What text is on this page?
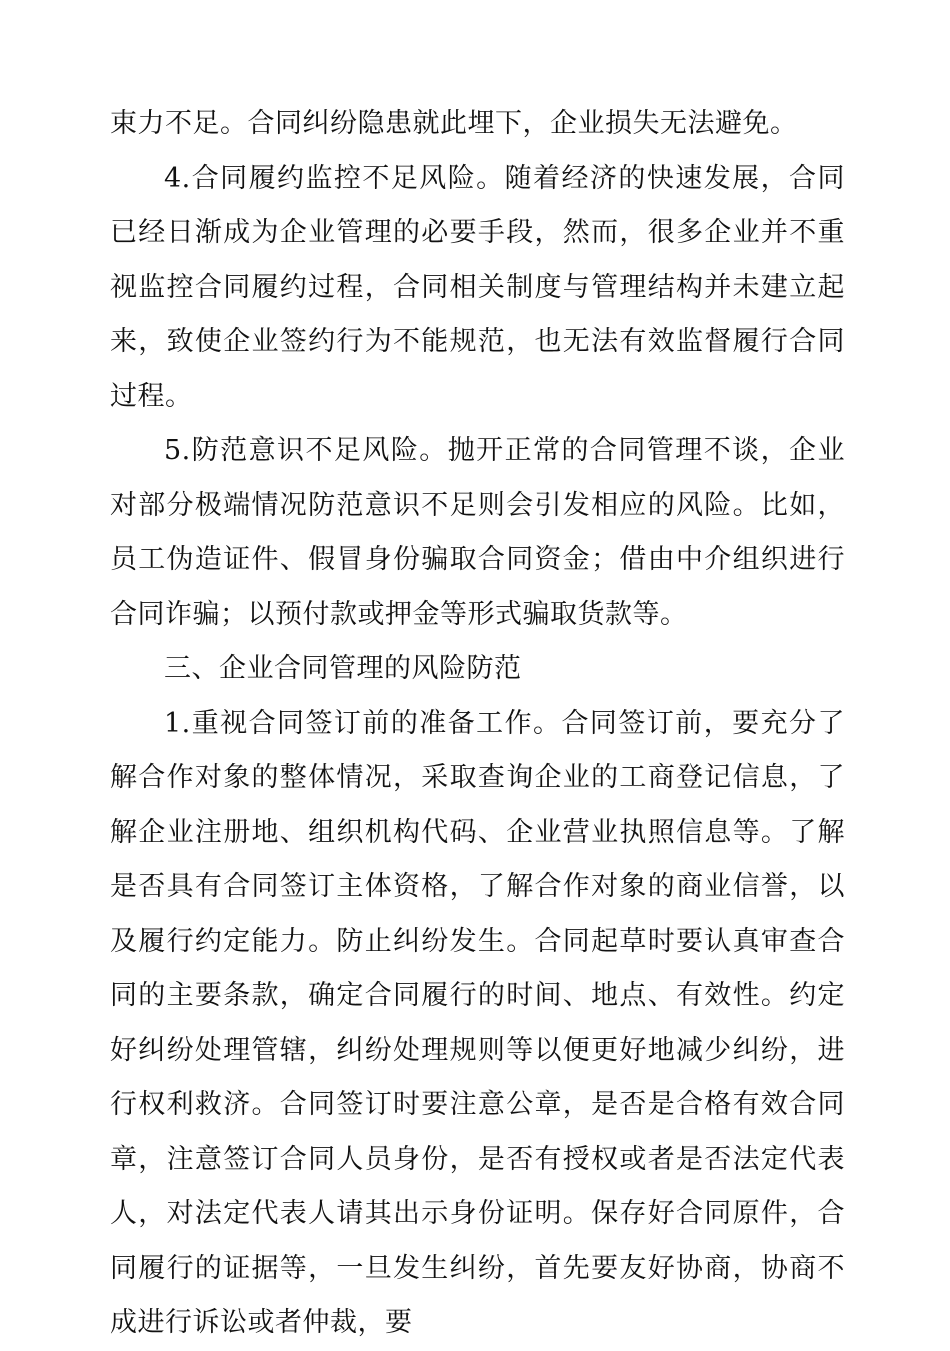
束力不足。合同纠纷隐患就此埋下，企业损失无法避免。

4.合同履约监控不足风险。随着经济的快速发展，合同已经日渐成为企业管理的必要手段，然而，很多企业并不重视监控合同履约过程，合同相关制度与管理结构并未建立起来，致使企业签约行为不能规范，也无法有效监督履行合同过程。

5.防范意识不足风险。抛开正常的合同管理不谈，企业对部分极端情况防范意识不足则会引发相应的风险。比如，员工伪造证件、假冒身份骗取合同资金；借由中介组织进行合同诈骗；以预付款或押金等形式骗取货款等。

三、企业合同管理的风险防范

1.重视合同签订前的准备工作。合同签订前，要充分了解合作对象的整体情况，采取查询企业的工商登记信息，了解企业注册地、组织机构代码、企业营业执照信息等。了解是否具有合同签订主体资格，了解合作对象的商业信誉，以及履行约定能力。防止纠纷发生。合同起草时要认真审查合同的主要条款，确定合同履行的时间、地点、有效性。约定好纠纷处理管辖，纠纷处理规则等以便更好地减少纠纷，进行权利救济。合同签订时要注意公章，是否是合格有效合同章，注意签订合同人员身份，是否有授权或者是否法定代表人，对法定代表人请其出示身份证明。保存好合同原件，合同履行的证据等，一旦发生纠纷，首先要友好协商，协商不成进行诉讼或者仲裁，要
